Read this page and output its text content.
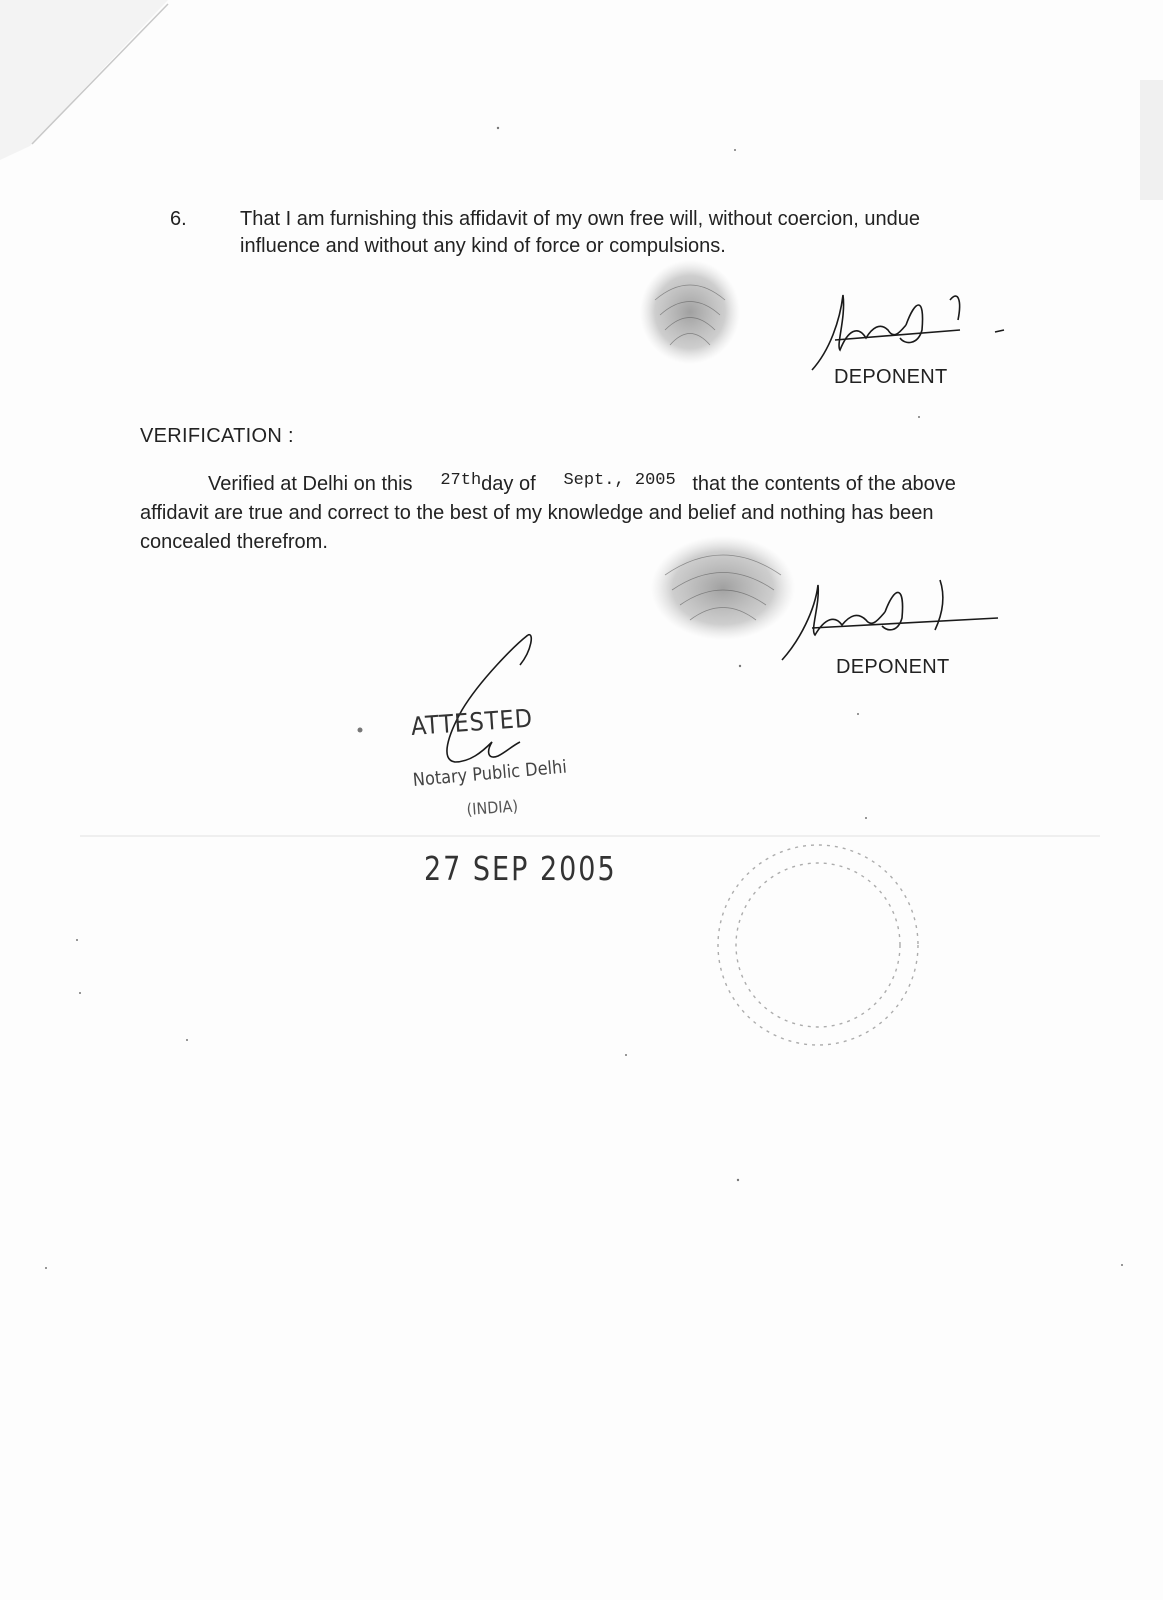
6.	That I am furnishing this affidavit of my own free will, without coercion, undue influence and without any kind of force or compulsions.
DEPONENT
VERIFICATION :
Verified at Delhi on this $^{27th}$day of $^{Sept., 2005}$ that the contents of the above affidavit are true and correct to the best of my knowledge and belief and nothing has been concealed therefrom.
DEPONENT
ATTESTED
Notary Public Delhi
(INDIA)
27 SEP 2005
